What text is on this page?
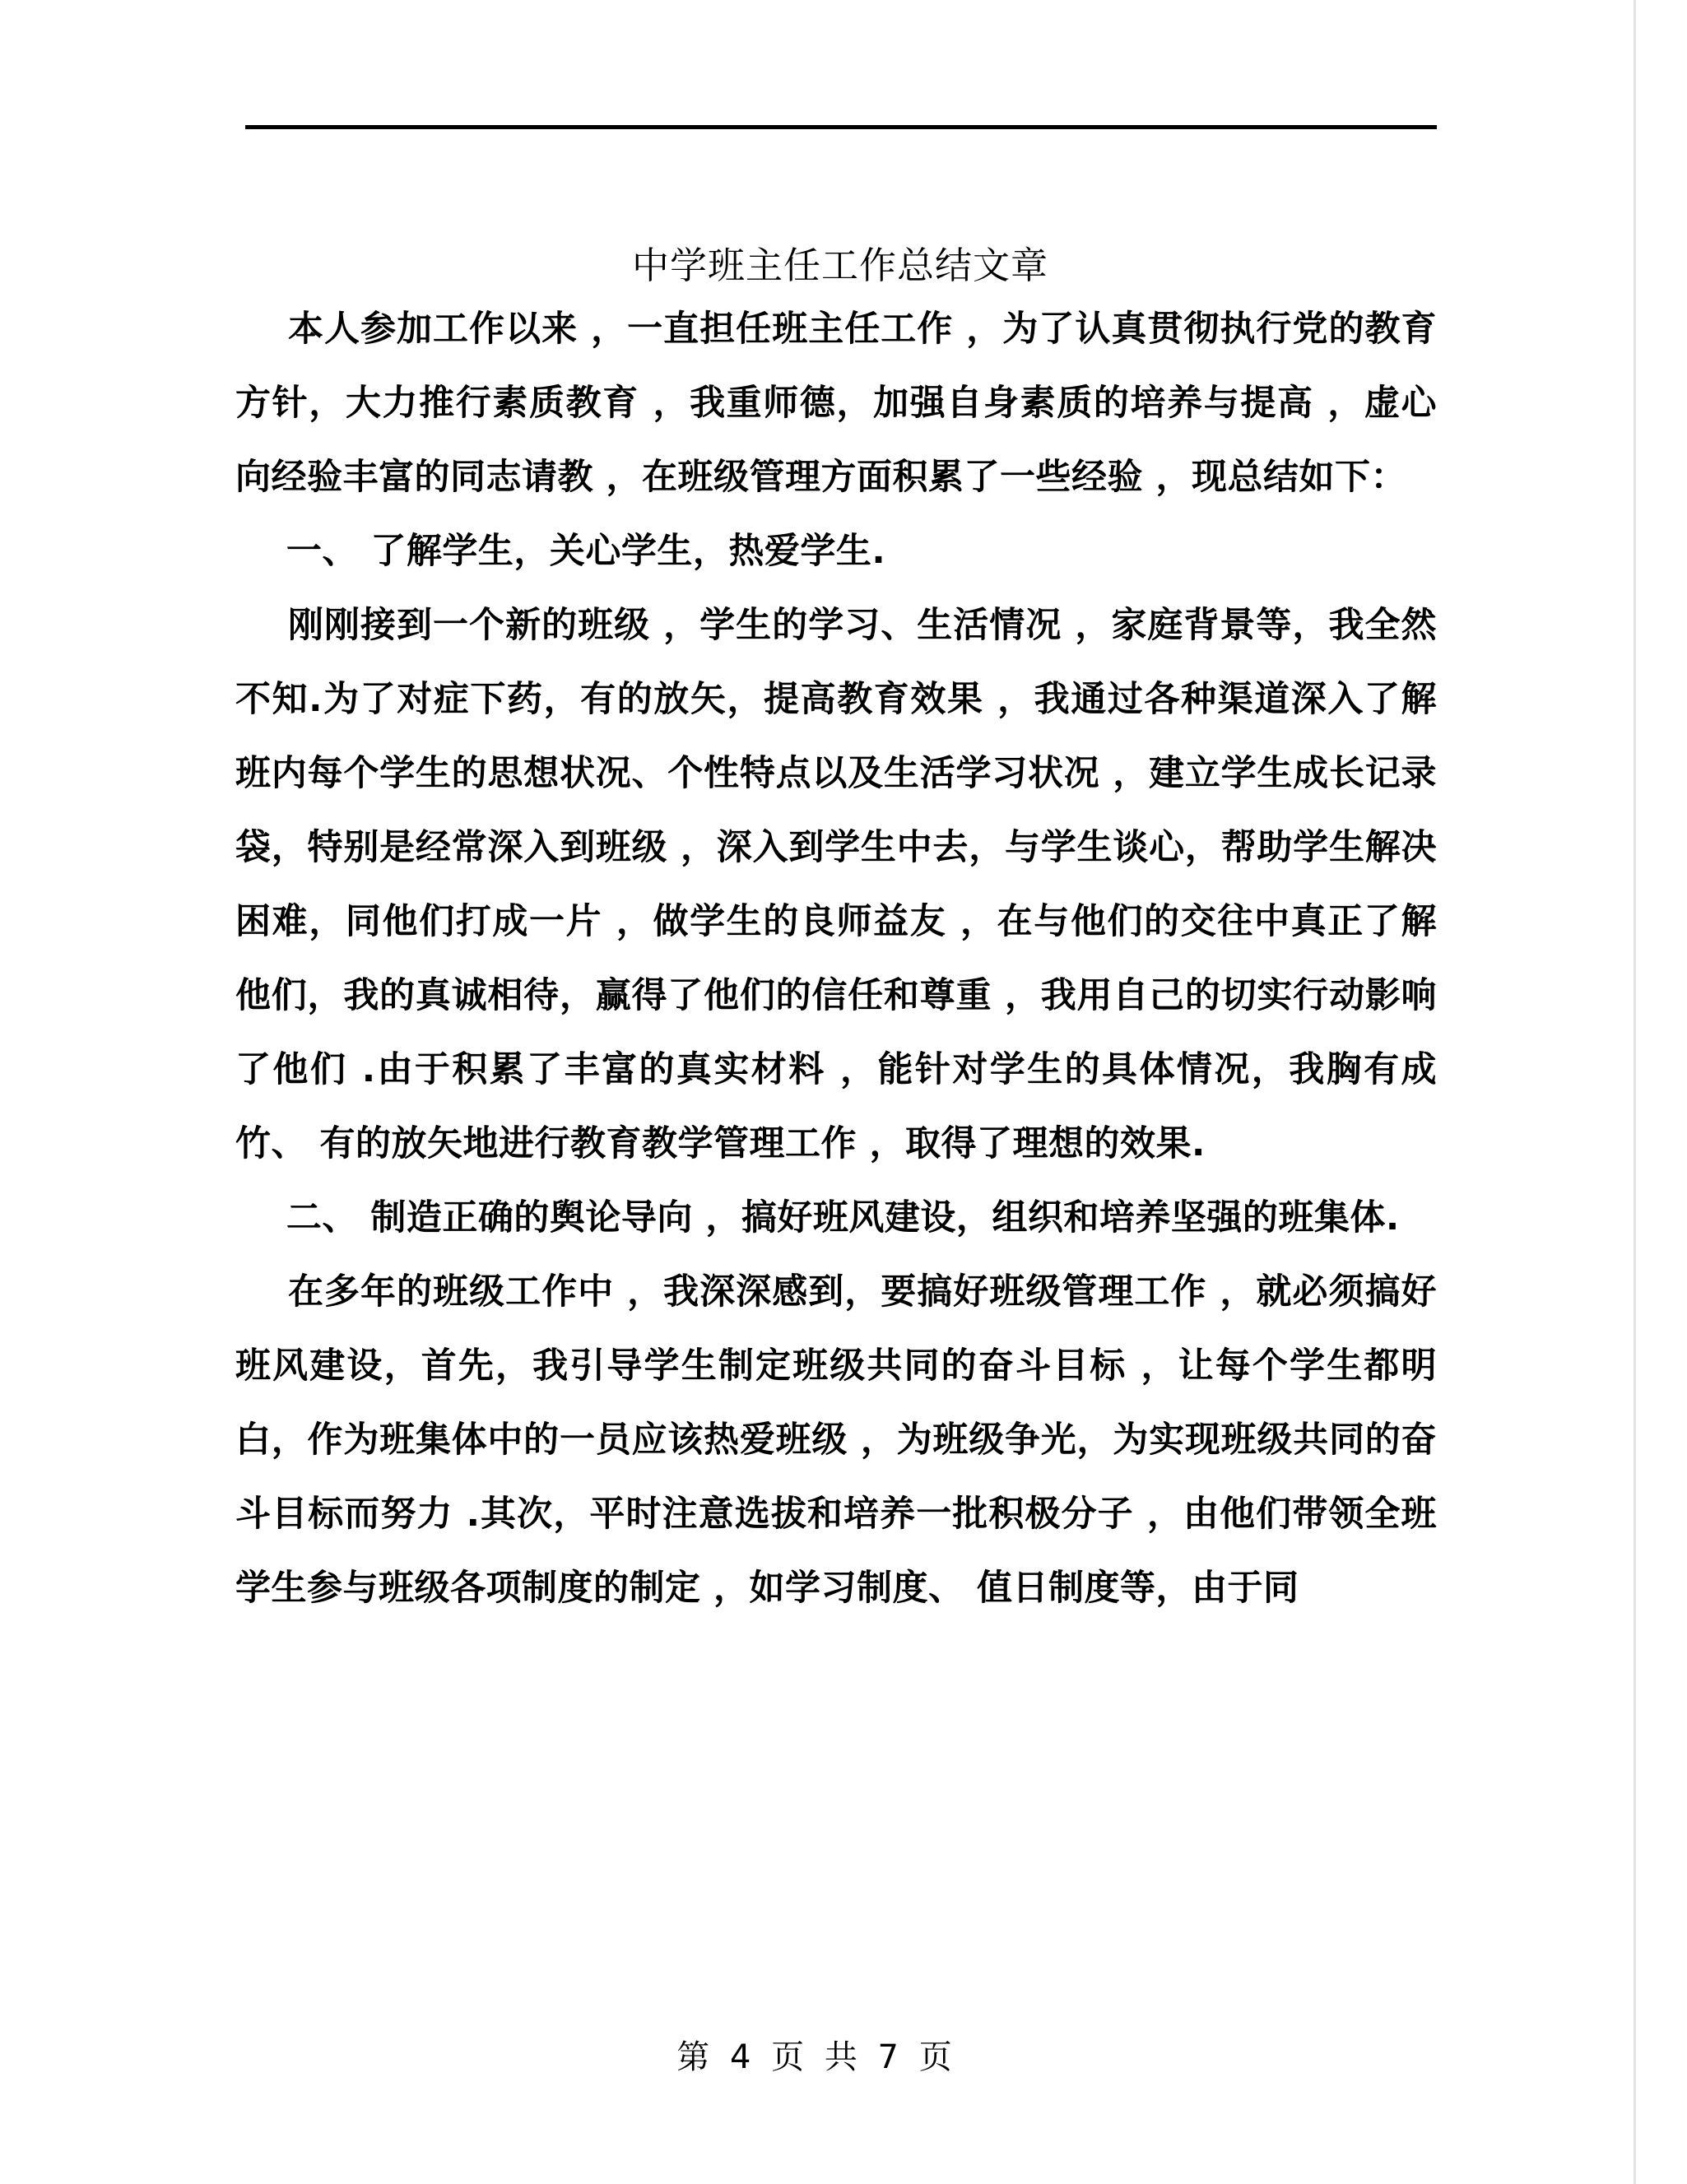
中学班主任工作总结文章

本人参加工作以来 ，一直担任班主任工作 ，为了认真贯彻执行党的教育方针，大力推行素质教育 ，我重师德，加强自身素质的培养与提高 ，虚心向经验丰富的同志请教 ，在班级管理方面积累了一些经验 ，现总结如下：

一、 了解学生，关心学生，热爱学生.

刚刚接到一个新的班级 ，学生的学习、生活情况 ，家庭背景等，我全然不知.为了对症下药，有的放矢，提高教育效果 ，我通过各种渠道深入了解班内每个学生的思想状况、个性特点以及生活学习状况 ，建立学生成长记录袋，特别是经常深入到班级 ，深入到学生中去，与学生谈心，帮助学生解决困难，同他们打成一片 ，做学生的良师益友 ，在与他们的交往中真正了解他们，我的真诚相待，赢得了他们的信任和尊重 ，我用自己的切实行动影响了他们 .由于积累了丰富的真实材料 ，能针对学生的具体情况，我胸有成竹、 有的放矢地进行教育教学管理工作 ，取得了理想的效果.

二、 制造正确的舆论导向 ，搞好班风建设，组织和培养坚强的班集体.

在多年的班级工作中 ，我深深感到，要搞好班级管理工作 ，就必须搞好班风建设，首先，我引导学生制定班级共同的奋斗目标 ，让每个学生都明白，作为班集体中的一员应该热爱班级 ，为班级争光，为实现班级共同的奋斗目标而努力 .其次，平时注意选拔和培养一批积极分子 ，由他们带领全班学生参与班级各项制度的制定 ，如学习制度、 值日制度等，由于同

第 4 页 共 7 页
